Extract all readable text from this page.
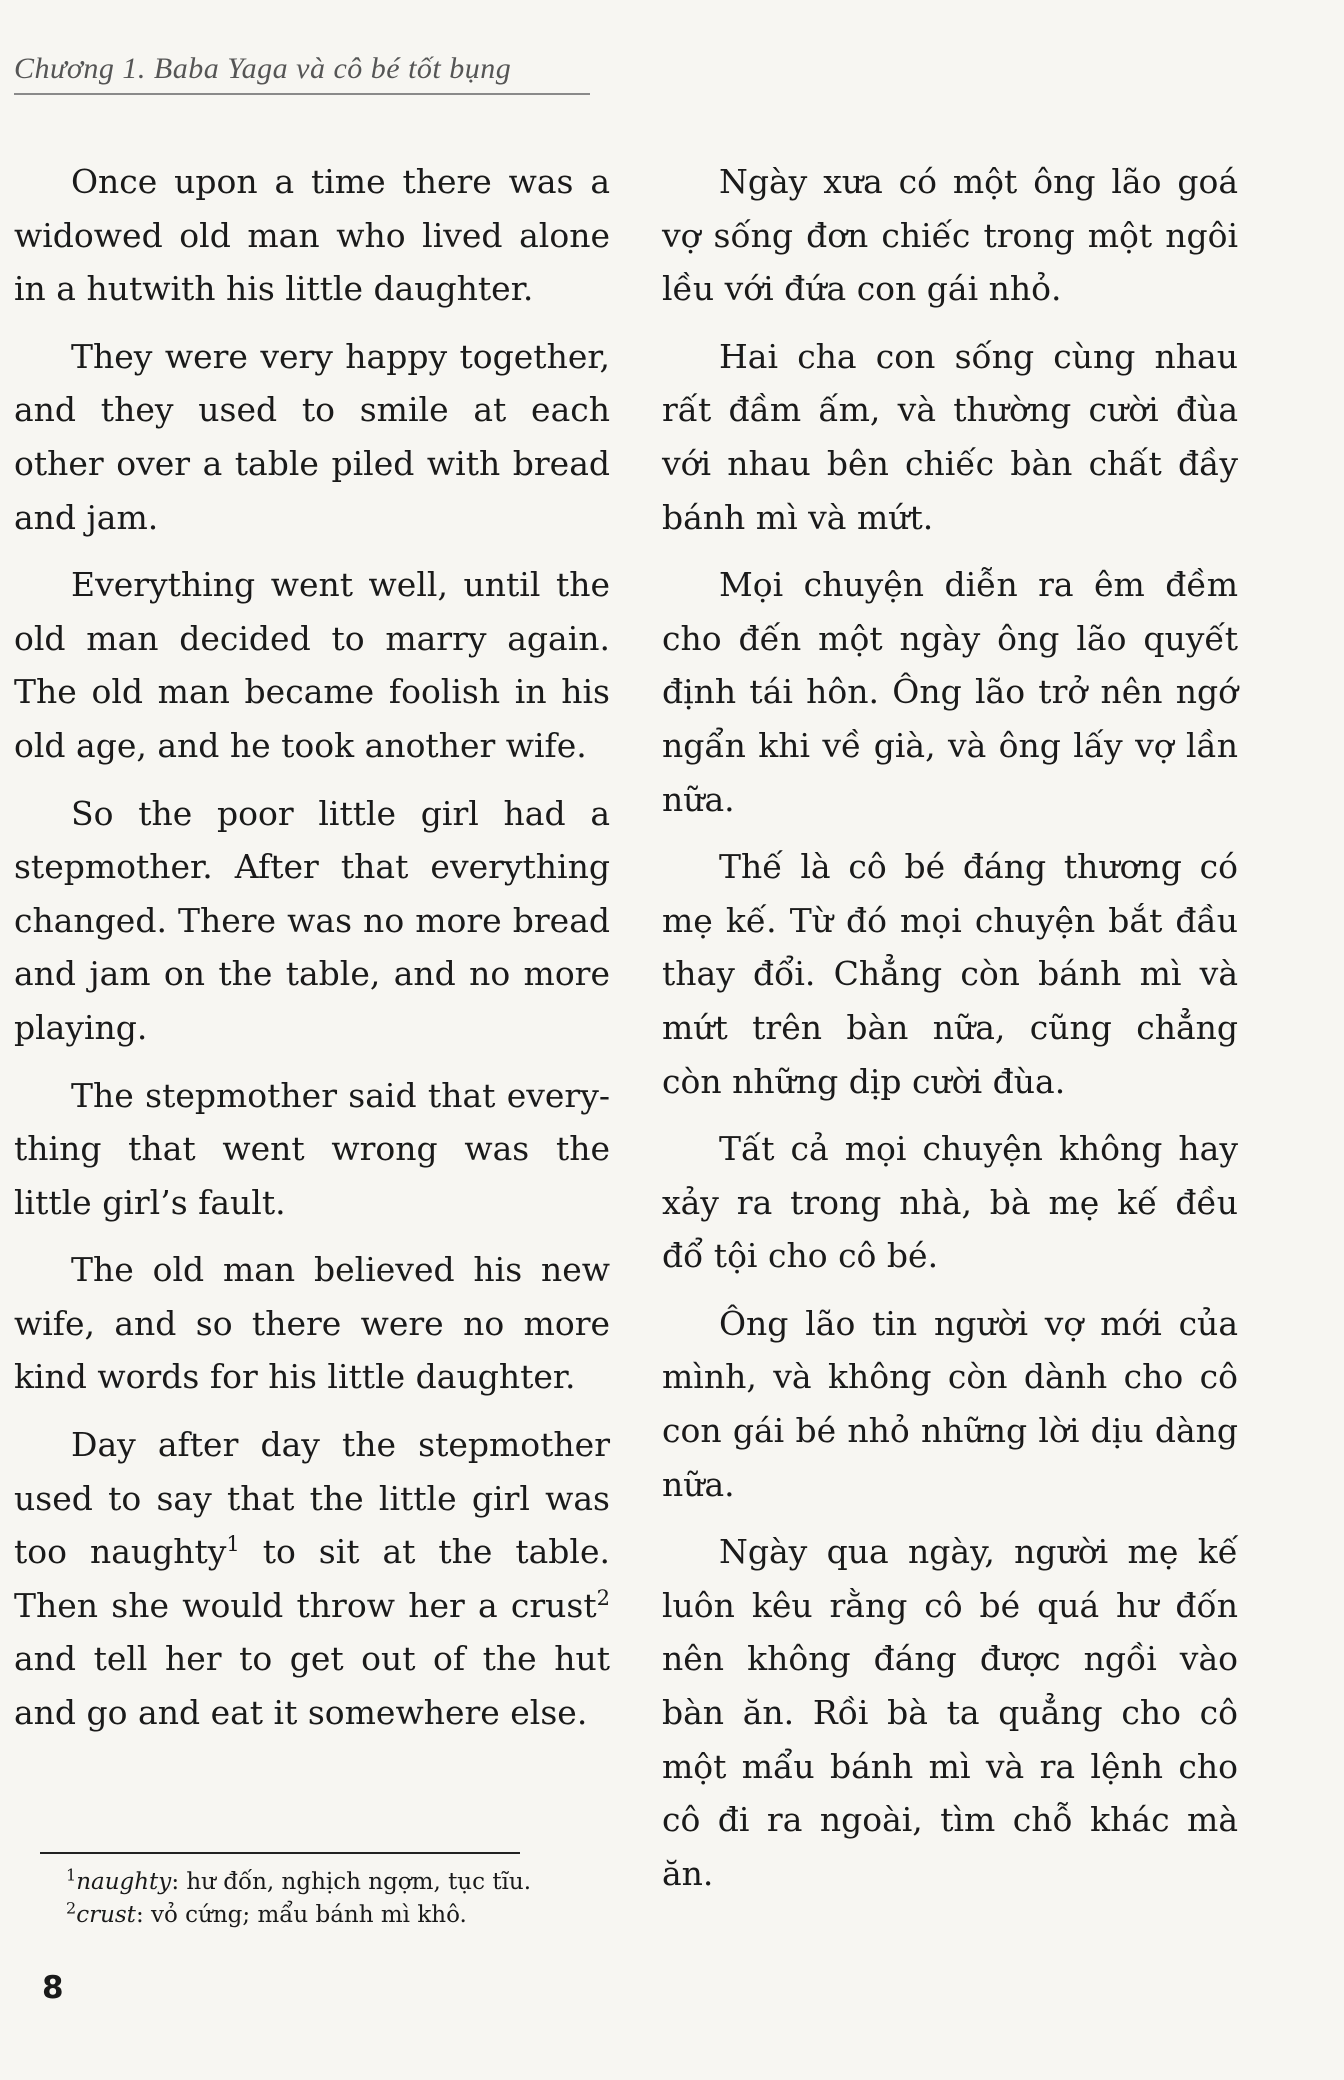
Chương 1. Baba Yaga và cô bé tốt bụng

Once upon a time there was a widowed old man who lived alone in a hutwith his little daughter.

They were very happy together, and they used to smile at each other over a table piled with bread and jam.

Everything went well, until the old man decided to marry again. The old man became foolish in his old age, and he took another wife.

So the poor little girl had a stepmother. After that everything changed. There was no more bread and jam on the table, and no more playing.

The stepmother said that every-thing that went wrong was the little girl’s fault.

The old man believed his new wife, and so there were no more kind words for his little daughter.

Day after day the stepmother used to say that the little girl was too naughty$^1$ to sit at the table. Then she would throw her a crust$^2$ and tell her to get out of the hut and go and eat it somewhere else.

Ngày xưa có một ông lão goá vợ sống đơn chiếc trong một ngôi lều với đứa con gái nhỏ.

Hai cha con sống cùng nhau rất đầm ấm, và thường cười đùa với nhau bên chiếc bàn chất đầy bánh mì và mứt.

Mọi chuyện diễn ra êm đềm cho đến một ngày ông lão quyết định tái hôn. Ông lão trở nên ngớ ngẩn khi về già, và ông lấy vợ lần nữa.

Thế là cô bé đáng thương có mẹ kế. Từ đó mọi chuyện bắt đầu thay đổi. Chẳng còn bánh mì và mứt trên bàn nữa, cũng chẳng còn những dịp cười đùa.

Tất cả mọi chuyện không hay xảy ra trong nhà, bà mẹ kế đều đổ tội cho cô bé.

Ông lão tin người vợ mới của mình, và không còn dành cho cô con gái bé nhỏ những lời dịu dàng nữa.

Ngày qua ngày, người mẹ kế luôn kêu rằng cô bé quá hư đốn nên không đáng được ngồi vào bàn ăn. Rồi bà ta quẳng cho cô một mẩu bánh mì và ra lệnh cho cô đi ra ngoài, tìm chỗ khác mà ăn.

$^1$naughty: hư đốn, nghịch ngợm, tục tĩu.

$^2$crust: vỏ cứng; mẩu bánh mì khô.

8
